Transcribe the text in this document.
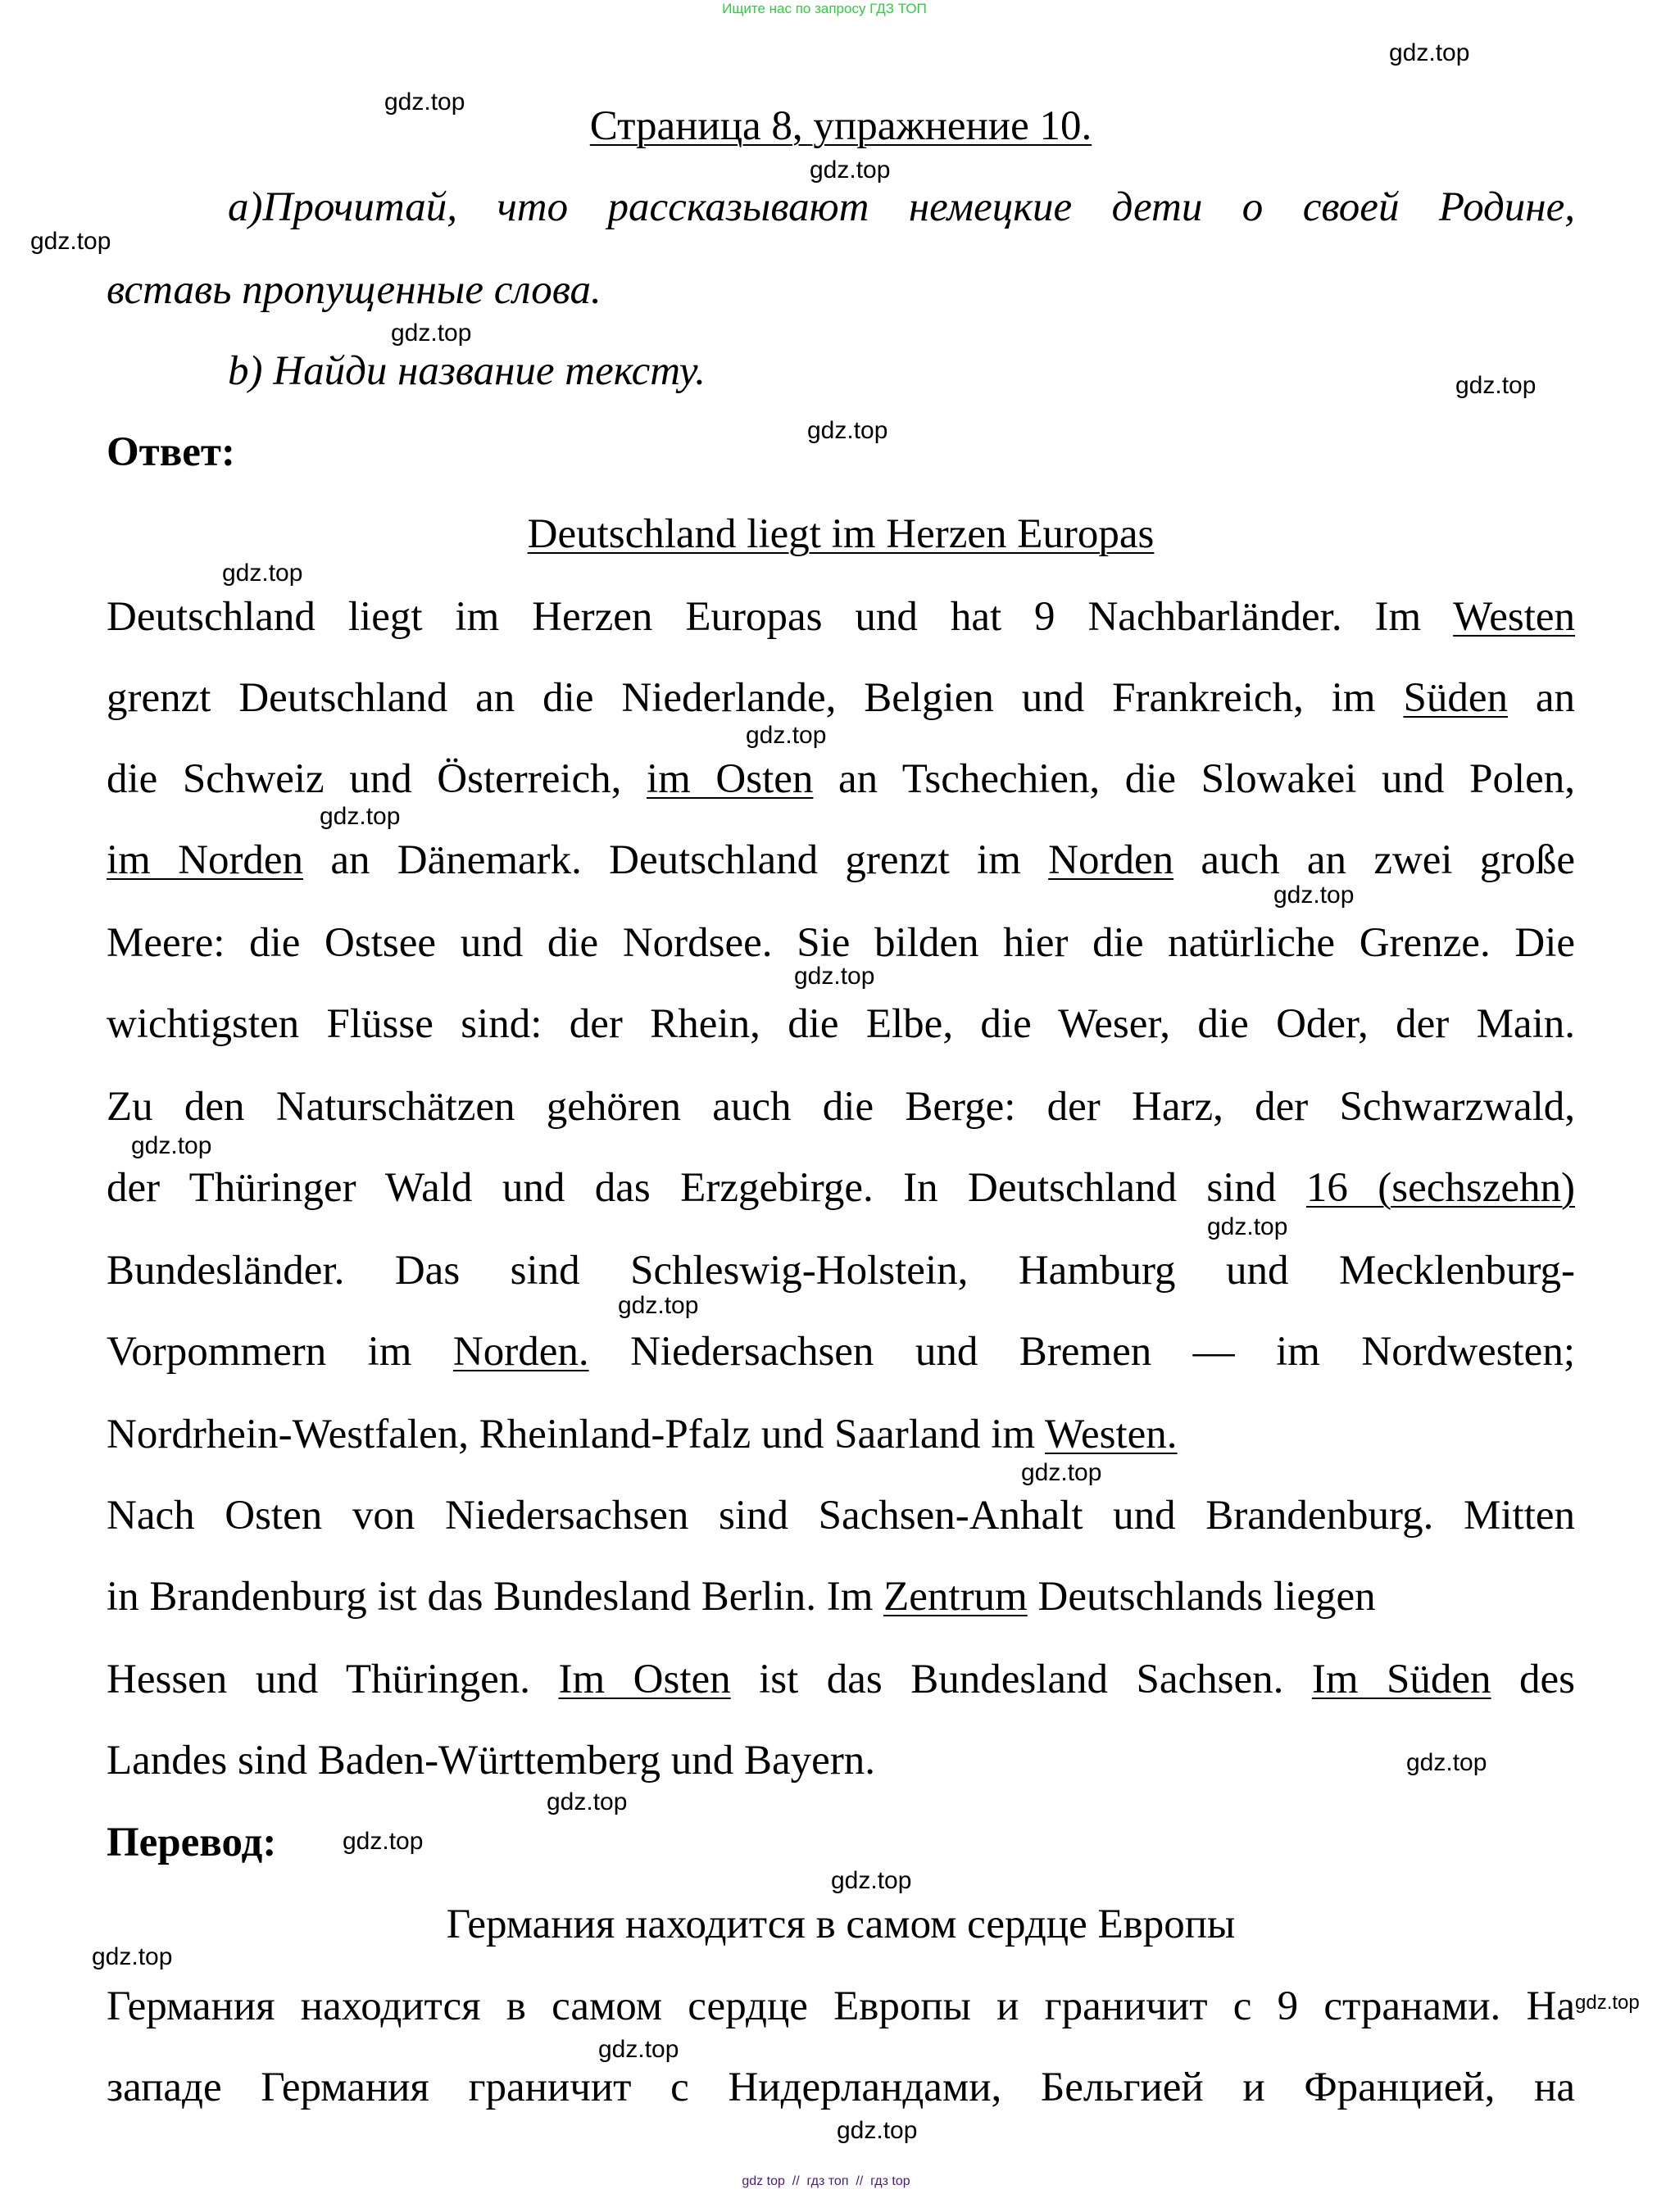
Ищите нас по запросу ГДЗ ТОП
Страница 8, упражнение 10.
а)Прочитай, что рассказывают немецкие дети о своей Родине,
вставь пропущенные слова.
b) Найди название тексту.
Ответ:
Deutschland liegt im Herzen Europas
Deutschland liegt im Herzen Europas und hat 9 Nachbarländer. Im Westen
grenzt Deutschland an die Niederlande, Belgien und Frankreich, im Süden an
die Schweiz und Österreich, im Osten an Tschechien, die Slowakei und Polen,
im Norden an Dänemark. Deutschland grenzt im Norden auch an zwei große
Meere: die Ostsee und die Nordsee. Sie bilden hier die natürliche Grenze. Die
wichtigsten Flüsse sind: der Rhein, die Elbe, die Weser, die Oder, der Main.
Zu den Naturschätzen gehören auch die Berge: der Harz, der Schwarzwald,
der Thüringer Wald und das Erzgebirge. In Deutschland sind 16 (sechszehn)
Bundesländer. Das sind Schleswig-Holstein, Hamburg und Mecklenburg-
Vorpommern im Norden. Niedersachsen und Bremen — im Nordwesten;
Nordrhein-Westfalen, Rheinland-Pfalz und Saarland im Westen.
Nach Osten von Niedersachsen sind Sachsen-Anhalt und Brandenburg. Mitten
in Brandenburg ist das Bundesland Berlin. Im Zentrum Deutschlands liegen
Hessen und Thüringen. Im Osten ist das Bundesland Sachsen. Im Süden des
Landes sind Baden-Württemberg und Bayern.
Перевод:
Германия находится в самом сердце Европы
Германия находится в самом сердце Европы и граничит с 9 странами. На
западе Германия граничит с Нидерландами, Бельгией и Францией, на
gdz.top
gdz.top
gdz.top
gdz.top
gdz.top
gdz.top
gdz.top
gdz.top
gdz.top
gdz.top
gdz.top
gdz.top
gdz.top
gdz.top
gdz.top
gdz.top
gdz.top
gdz.top
gdz.top
gdz.top
gdz.top
gdz.top
gdz.top
gdz.top
gdz top  //  гдз топ  //  гдз top
